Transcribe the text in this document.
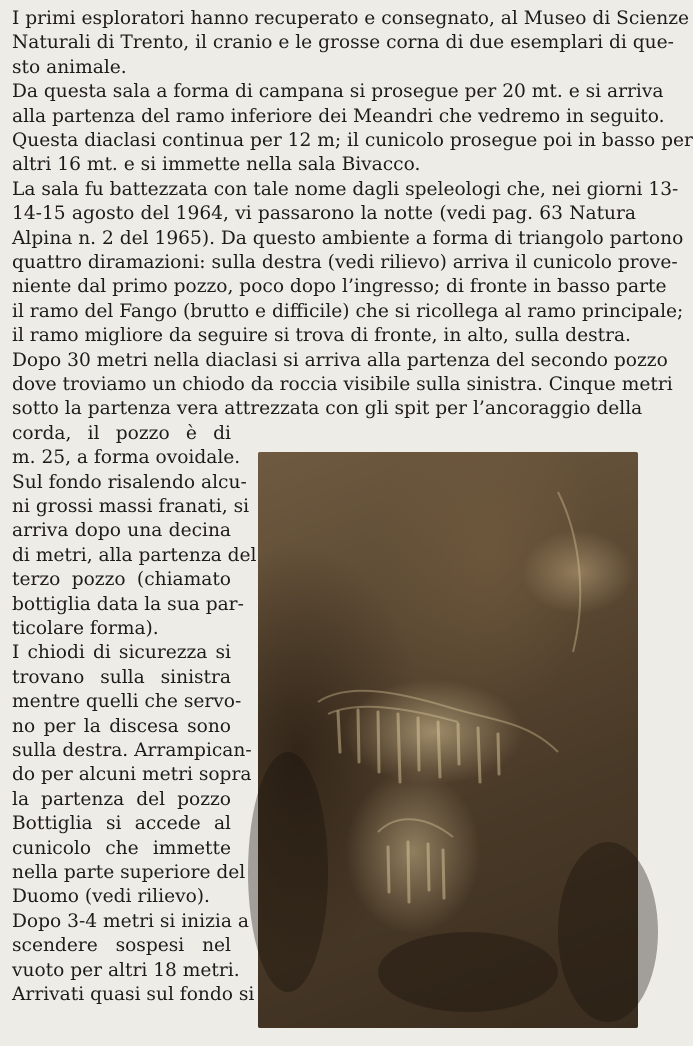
I primi esploratori hanno recuperato e consegnato, al Museo di Scienze
Naturali di Trento, il cranio e le grosse corna di due esemplari di que-
sto animale.
Da questa sala a forma di campana si prosegue per 20 mt. e si arriva
alla partenza del ramo inferiore dei Meandri che vedremo in seguito.
Questa diaclasi continua per 12 m; il cunicolo prosegue poi in basso per
altri 16 mt. e si immette nella sala Bivacco.
La sala fu battezzata con tale nome dagli speleologi che, nei giorni 13-
14-15 agosto del 1964, vi passarono la notte (vedi pag. 63 Natura
Alpina n. 2 del 1965). Da questo ambiente a forma di triangolo partono
quattro diramazioni: sulla destra (vedi rilievo) arriva il cunicolo prove-
niente dal primo pozzo, poco dopo l’ingresso; di fronte in basso parte
il ramo del Fango (brutto e difficile) che si ricollega al ramo principale;
il ramo migliore da seguire si trova di fronte, in alto, sulla destra.
Dopo 30 metri nella diaclasi si arriva alla partenza del secondo pozzo
dove troviamo un chiodo da roccia visibile sulla sinistra. Cinque metri
sotto la partenza vera attrezzata con gli spit per l’ancoraggio della
corda, il pozzo è di
m. 25, a forma ovoidale.
Sul fondo risalendo alcu-
ni grossi massi franati, si
arriva dopo una decina
di metri, alla partenza del
terzo pozzo (chiamato
bottiglia data la sua par-
ticolare forma).
I chiodi di sicurezza si
trovano sulla sinistra
mentre quelli che servo-
no per la discesa sono
sulla destra. Arrampican-
do per alcuni metri sopra
la partenza del pozzo
Bottiglia si accede al
cunicolo che immette
nella parte superiore del
Duomo (vedi rilievo).
Dopo 3-4 metri si inizia a
scendere sospesi nel
vuoto per altri 18 metri.
Arrivati quasi sul fondo si
